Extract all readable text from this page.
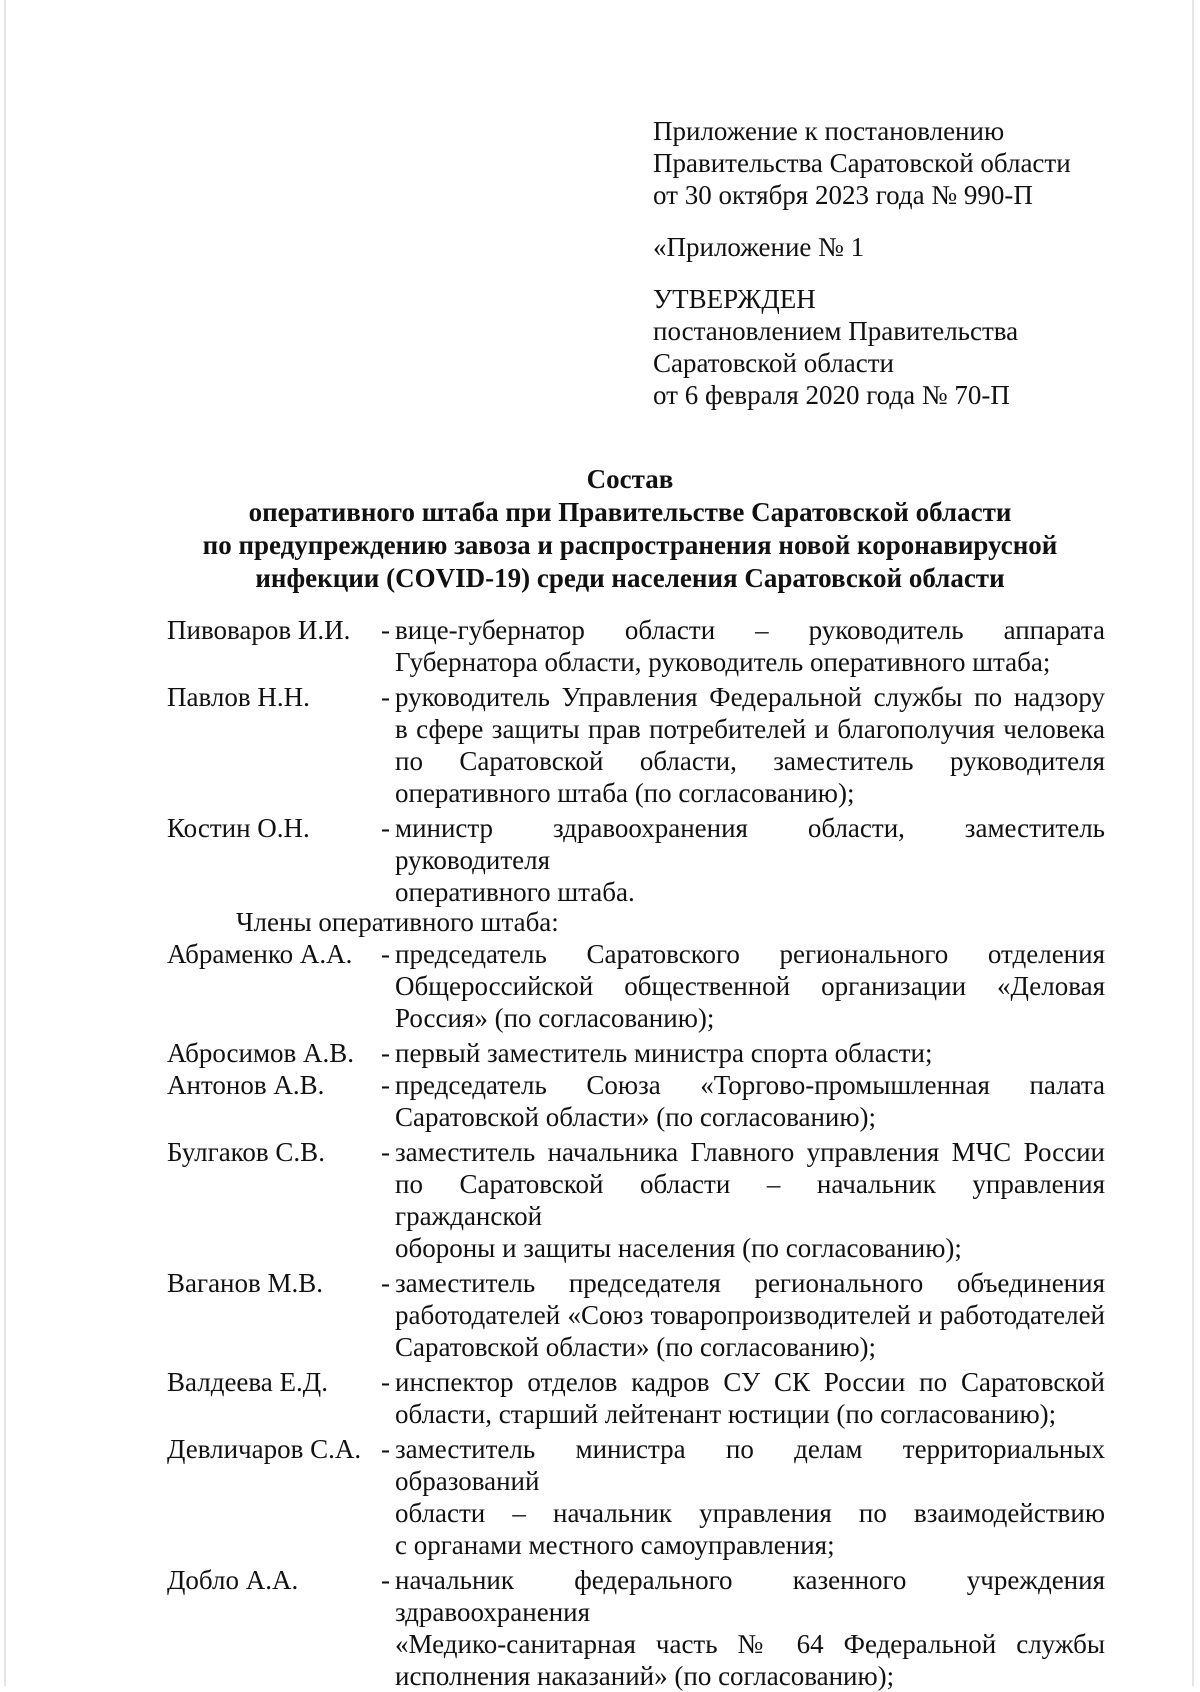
Приложение к постановлению
Правительства Саратовской области
от 30 октября 2023 года № 990-П
«Приложение № 1
УТВЕРЖДЕН
постановлением Правительства
Саратовской области
от 6 февраля 2020 года № 70-П
Состав
оперативного штаба при Правительстве Саратовской области
по предупреждению завоза и распространения новой коронавирусной
инфекции (COVID-19) среди населения Саратовской области
Пивоваров И.И.	- вице-губернатор области – руководитель аппарата
Губернатора области, руководитель оперативного штаба;
Павлов Н.Н.	- руководитель Управления Федеральной службы по надзору
в сфере защиты прав потребителей и благополучия человека
по Саратовской области, заместитель руководителя
оперативного штаба (по согласованию);
Костин О.Н.	- министр здравоохранения области, заместитель руководителя
оперативного штаба.
Члены оперативного штаба:
Абраменко А.А.	- председатель Саратовского регионального отделения
Общероссийской общественной организации «Деловая
Россия» (по согласованию);
Абросимов А.В. - первый заместитель министра спорта области;
Антонов А.В.	- председатель Союза «Торгово-промышленная палата
Саратовской области» (по согласованию);
Булгаков С.В.	- заместитель начальника Главного управления МЧС России
по Саратовской области – начальник управления гражданской
обороны и защиты населения (по согласованию);
Ваганов М.В.	- заместитель председателя регионального объединения
работодателей «Союз товаропроизводителей и работодателей
Саратовской области» (по согласованию);
Валдеева Е.Д.	- инспектор отделов кадров СУ СК России по Саратовской
области, старший лейтенант юстиции (по согласованию);
Девличаров С.А. - заместитель министра по делам территориальных образований
области – начальник управления по взаимодействию
с органами местного самоуправления;
Добло А.А.	- начальник федерального казенного учреждения здравоохранения
«Медико-санитарная часть № 64 Федеральной службы
исполнения наказаний» (по согласованию);
